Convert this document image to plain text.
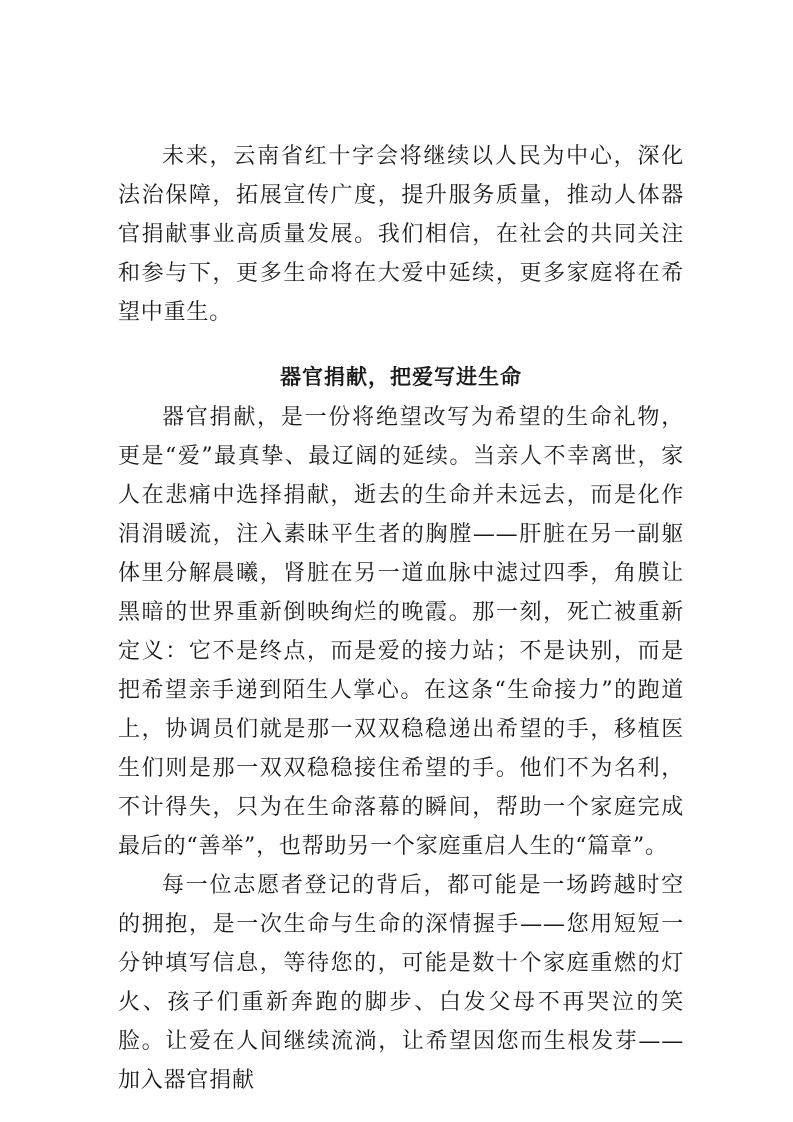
未来，云南省红十字会将继续以人民为中心，深化法治保障，拓展宣传广度，提升服务质量，推动人体器官捐献事业高质量发展。我们相信，在社会的共同关注和参与下，更多生命将在大爱中延续，更多家庭将在希望中重生。

器官捐献，把爱写进生命

器官捐献，是一份将绝望改写为希望的生命礼物，更是“爱”最真挚、最辽阔的延续。当亲人不幸离世，家人在悲痛中选择捐献，逝去的生命并未远去，而是化作涓涓暖流，注入素昧平生者的胸膛——肝脏在另一副躯体里分解晨曦，肾脏在另一道血脉中滤过四季，角膜让黑暗的世界重新倒映绚烂的晚霞。那一刻，死亡被重新定义：它不是终点，而是爱的接力站；不是诀别，而是把希望亲手递到陌生人掌心。在这条“生命接力”的跑道上，协调员们就是那一双双稳稳递出希望的手，移植医生们则是那一双双稳稳接住希望的手。他们不为名利，不计得失，只为在生命落幕的瞬间，帮助一个家庭完成最后的“善举”，也帮助另一个家庭重启人生的“篇章”。

每一位志愿者登记的背后，都可能是一场跨越时空的拥抱，是一次生命与生命的深情握手——您用短短一分钟填写信息，等待您的，可能是数十个家庭重燃的灯火、孩子们重新奔跑的脚步、白发父母不再哭泣的笑脸。让爱在人间继续流淌，让希望因您而生根发芽——加入器官捐献
